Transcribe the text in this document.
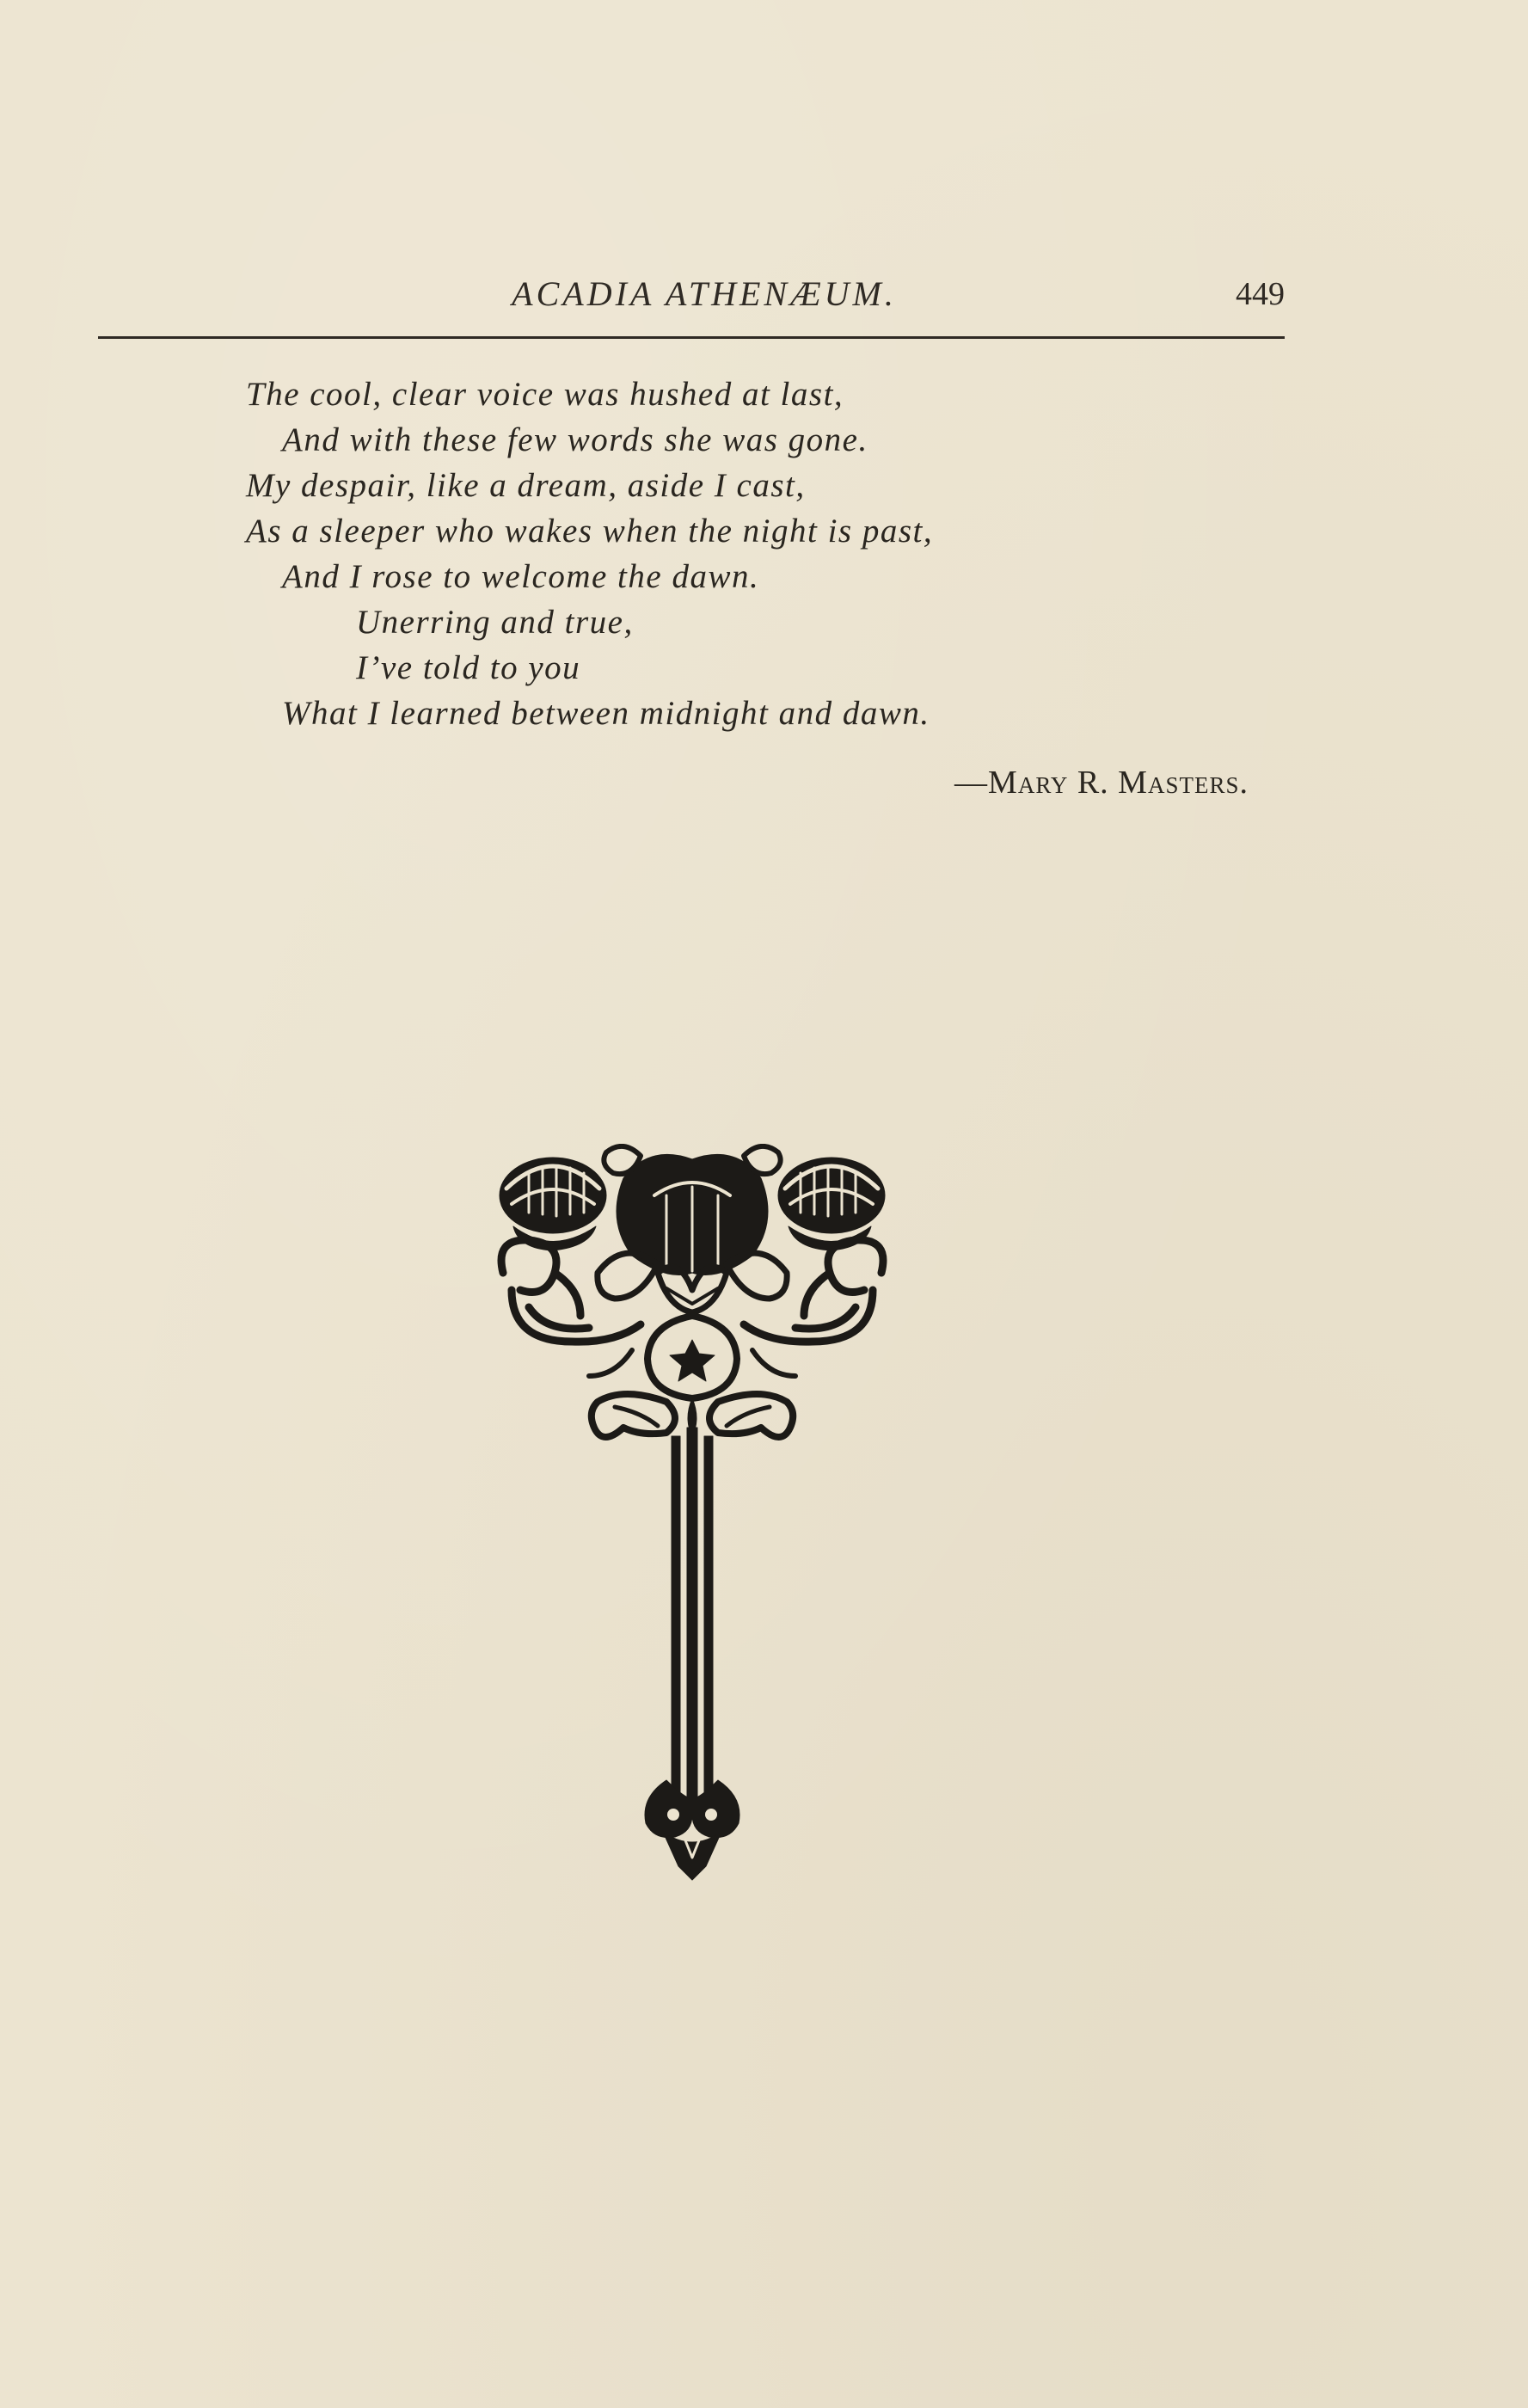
ACADIA ATHENÆUM.	449
The cool, clear voice was hushed at last,
And with these few words she was gone.
My despair, like a dream, aside I cast,
As a sleeper who wakes when the night is past,
And I rose to welcome the dawn.
Unerring and true,
I’ve told to you
What I learned between midnight and dawn.
—Mary R. Masters.
